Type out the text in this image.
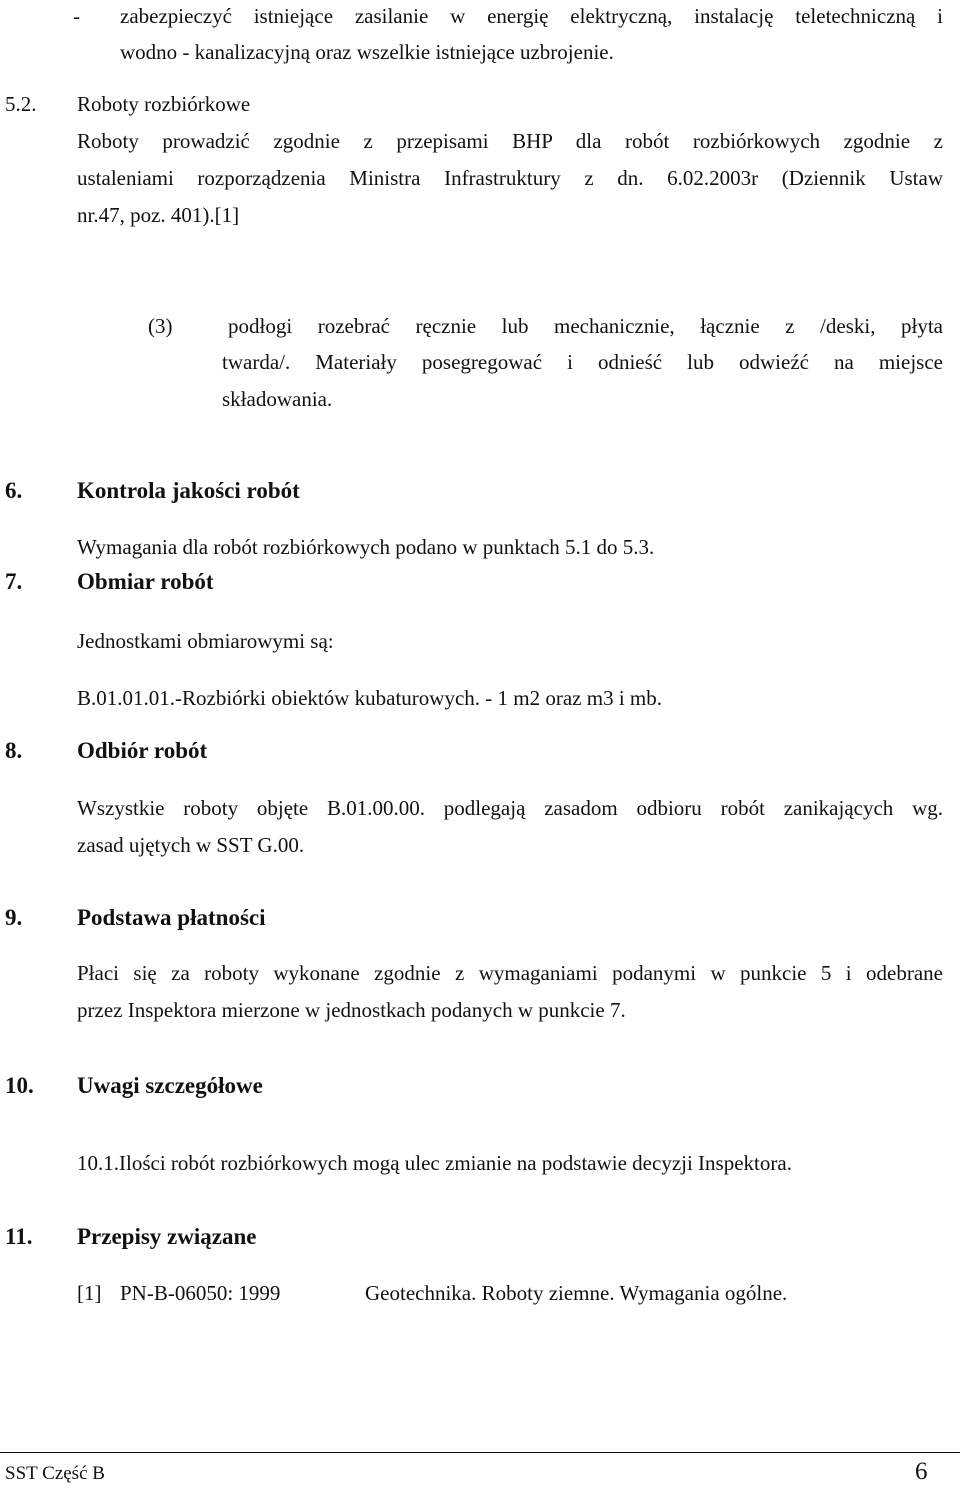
- zabezpieczyć istniejące zasilanie w energię elektryczną, instalację teletechniczną i
wodno - kanalizacyjną oraz wszelkie istniejące uzbrojenie.
5.2. Roboty rozbiórkowe
Roboty prowadzić zgodnie z przepisami BHP dla robót rozbiórkowych zgodnie z
ustaleniami rozporządzenia Ministra Infrastruktury z dn. 6.02.2003r (Dziennik Ustaw
nr.47, poz. 401).[1]
(3)	podłogi rozebrać ręcznie lub mechanicznie, łącznie z /deski, płyta
twarda/. Materiały posegregować i odnieść lub odwieźć na miejsce
składowania.
6. Kontrola jakości robót
Wymagania dla robót rozbiórkowych podano w punktach 5.1 do 5.3.
7. Obmiar robót
Jednostkami obmiarowymi są:
B.01.01.01.-Rozbiórki obiektów kubaturowych. - 1 m2 oraz m3 i mb.
8. Odbiór robót
Wszystkie roboty objęte B.01.00.00. podlegają zasadom odbioru robót zanikających wg.
zasad ujętych w SST G.00.
9. Podstawa płatności
Płaci się za roboty wykonane zgodnie z wymaganiami podanymi w punkcie 5 i odebrane
przez Inspektora mierzone w jednostkach podanych w punkcie 7.
10. Uwagi szczegółowe
10.1.Ilości robót rozbiórkowych mogą ulec zmianie na podstawie decyzji Inspektora.
11. Przepisy związane
[1] PN-B-06050: 1999	Geotechnika. Roboty ziemne. Wymagania ogólne.
SST Część B	6
